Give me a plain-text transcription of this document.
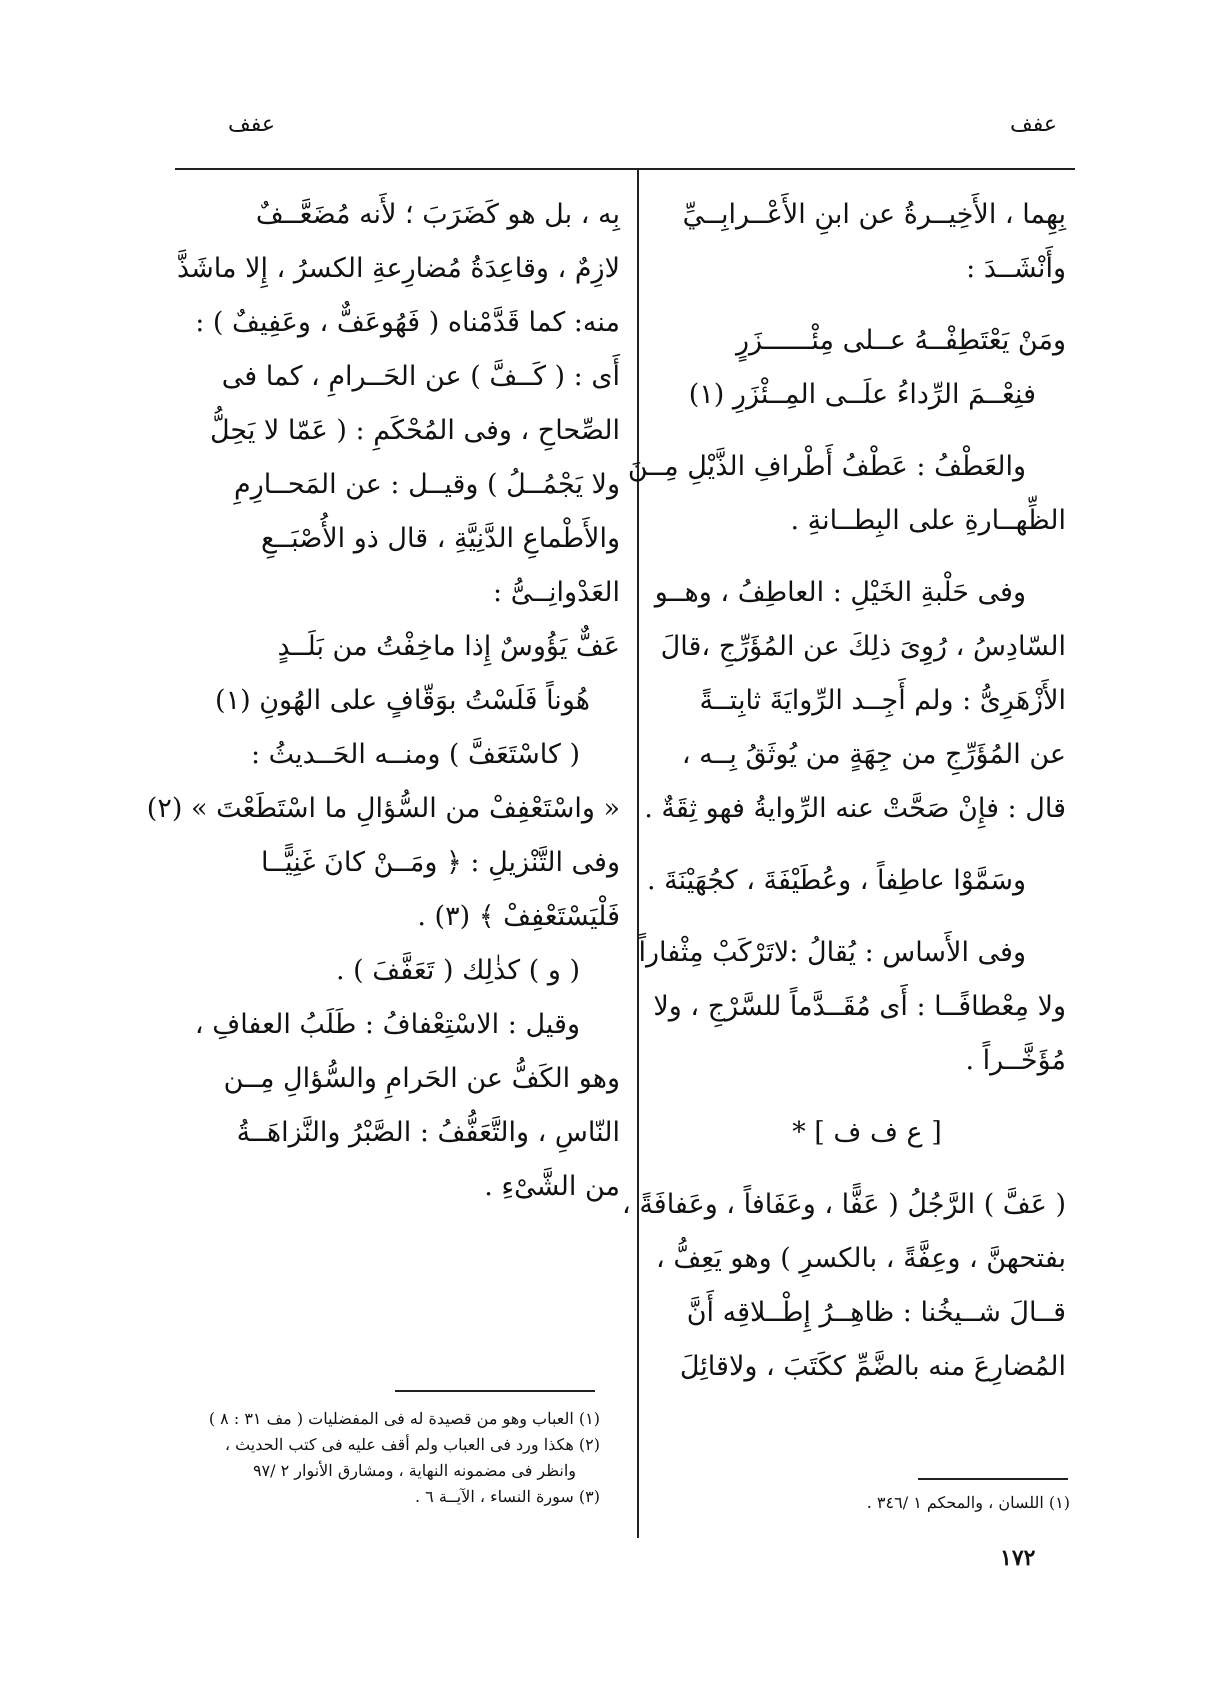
عفف
عفف
بِهِما ، الأَخِيــرةُ عن ابنِ الأَعْــرابِــيِّ
وأَنْشَــدَ :
ومَنْ يَعْتَطِفْــهُ عــلى مِئْــــــزَرٍ
فنِعْــمَ الرِّداءُ علَــى المِــئْزَرِ (١)
والعَطْفُ : عَطْفُ أَطْرافِ الذَّيْلِ مِــنَ
الظِّهــارةِ على البِطــانةِ .
وفى حَلْبةِ الخَيْلِ : العاطِفُ ، وهــو
السّادِسُ ، رُوِىَ ذلِكَ عن المُؤَرِّجِ ،قالَ
الأَزْهَرِىُّ : ولم أَجِــد الرِّوايَةَ ثابِتــةً
عن المُؤَرِّجِ من جِهَةٍ من يُوثَقُ بِــه ،
قال : فإِنْ صَحَّتْ عنه الرِّوايةُ فهو ثِقَةٌ .
وسَمَّوْا عاطِفاً ، وعُطَيْفَةَ ، كجُهَيْنَةَ .
وفى الأَساس : يُقالُ :لاتَرْكَبْ مِثْفاراً
ولا مِعْطافًــا : أَى مُقَــدَّماً للسَّرْجِ ، ولا
مُؤَخَّــراً .
[ ع ف ف ] *
( عَفَّ ) الرَّجُلُ ( عَفًّا ، وعَفَافاً ، وعَفافَةً ،
بفتحهنَّ ، وعِفَّةً ، بالكسرِ ) وهو يَعِفُّ ،
قــالَ شــيخُنا : ظاهِــرُ إِطْــلاقِه أَنَّ
المُضارِعَ منه بالضَّمِّ ككَتَبَ ، ولاقائِلَ
بِه ، بل هو كَضَرَبَ ؛ لأَنه مُضَعَّــفٌ
لازِمٌ ، وقاعِدَةُ مُضارِعةِ الكسرُ ، إِلا ماشَذَّ
منه: كما قَدَّمْناه ( فَهُوعَفٌّ ، وعَفِيفٌ ) :
أَى : ( كَــفَّ ) عن الحَــرامِ ، كما فى
الصِّحاحِ ، وفى المُحْكَمِ : ( عَمّا لا يَحِلُّ
ولا يَجْمُــلُ ) وقيــل : عن المَحــارِمِ
والأَطْماعِ الدَّنِيَّةِ ، قال ذو الأُصْبَــعِ
العَدْوانِــىُّ :
عَفٌّ يَؤُوسٌ إِذا ماخِفْتُ من بَلَــدٍ
هُوناً فَلَسْتُ بوَقّافٍ على الهُونِ (١)
( كاسْتَعَفَّ ) ومنــه الحَــديثُ :
« واسْتَعْفِفْ من السُّؤالِ ما اسْتَطَعْتَ » (٢)
وفى التَّنْزيلِ : ﴿ ومَــنْ كانَ غَنِيًّــا
فَلْيَسْتَعْفِفْ ﴾ (٣) .
( و ) كذٰلِك ( تَعَفَّفَ ) .
وقيل : الاسْتِعْفافُ : طَلَبُ العفافِ ،
وهو الكَفُّ عن الحَرامِ والسُّؤالِ مِــن
النّاسِ ، والتَّعَفُّفُ : الصَّبْرُ والنَّزاهَــةُ
من الشَّىْءِ .
(١) العباب وهو من قصيدة له فى المفضليات ( مف ٣١ : ٨ )
(٢) هكذا ورد فى العباب ولم أقف عليه فى كتب الحديث ،
وانظر فى مضمونه النهاية ، ومشارق الأنوار ٢ /٩٧
(٣) سورة النساء ، الآيــة ٦ .	(١) اللسان ، والمحكم ١ /٣٤٦ .
١٧٢
